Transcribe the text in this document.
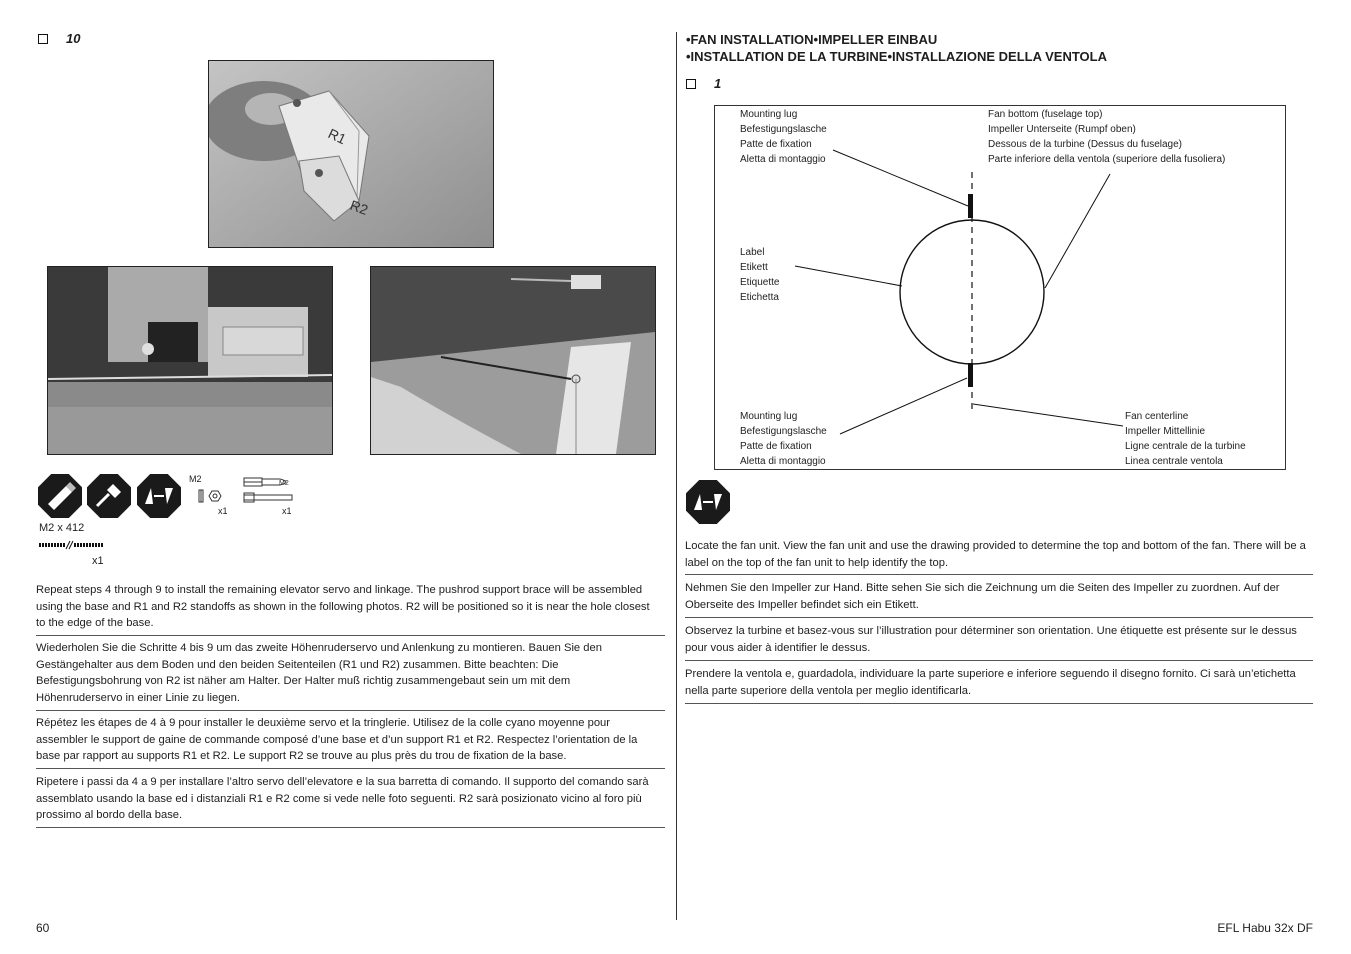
10
R1
R2
M2
x1
M2
x1
M2 x 412
x1
Repeat steps 4 through 9 to install the remaining elevator servo and linkage. The pushrod support brace will be assembled using the base and R1 and R2 standoffs as shown in the following photos. R2 will be positioned so it is near the hole closest to the edge of the base.
Wiederholen Sie die Schritte 4 bis 9 um das zweite Höhenruderservo und Anlenkung zu montieren. Bauen Sie den Gestängehalter aus dem Boden und den beiden Seitenteilen (R1 und R2) zusammen. Bitte beachten: Die Befestigungsbohrung von R2 ist näher am Halter. Der Halter muß richtig zusammengebaut sein um mit dem Höhenruderservo in einer Linie zu liegen.
Répétez les étapes de 4 à 9 pour installer le deuxième servo et la tringlerie. Utilisez de la colle cyano moyenne pour assembler le support de gaine de commande composé d’une base et d’un support R1 et R2. Respectez l’orientation de la base par rapport au supports R1 et R2. Le support R2 se trouve au plus près du trou de fixation de la base.
Ripetere i passi da 4 a 9 per installare l’altro servo dell’elevatore e la sua barretta di comando. Il supporto del comando sarà assemblato usando la base ed i distanziali R1 e R2 come si vede nelle foto seguenti. R2 sarà posizionato vicino al foro più prossimo al bordo della base.
•FAN INSTALLATION•IMPELLER EINBAU
•INSTALLATION DE LA TURBINE•INSTALLAZIONE DELLA VENTOLA
1
Mounting lug
Befestigungslasche
Patte de fixation
Aletta di montaggio
Fan bottom (fuselage top)
Impeller Unterseite (Rumpf oben)
Dessous de la turbine (Dessus du fuselage)
Parte inferiore della ventola (superiore della fusoliera)
Label
Etikett
Etiquette
Etichetta
Mounting lug
Befestigungslasche
Patte de fixation
Aletta di montaggio
Fan centerline
Impeller Mittellinie
Ligne centrale de la turbine
Linea centrale ventola
Locate the fan unit. View the fan unit and use the drawing provided to determine the top and bottom of the fan. There will be a label on the top of the fan unit to help identify the top.
Nehmen Sie den Impeller zur Hand. Bitte sehen Sie sich die Zeichnung um die Seiten des Impeller zu zuordnen. Auf der Oberseite des Impeller befindet sich ein Etikett.
Observez la turbine et basez-vous sur l’illustration pour déterminer son orientation. Une étiquette est présente sur le dessus pour vous aider à identifier le dessus.
Prendere la ventola e, guardadola, individuare la parte superiore e inferiore seguendo il disegno fornito. Ci sarà un’etichetta nella parte superiore della ventola per meglio identificarla.
60	EFL Habu 32x DF
